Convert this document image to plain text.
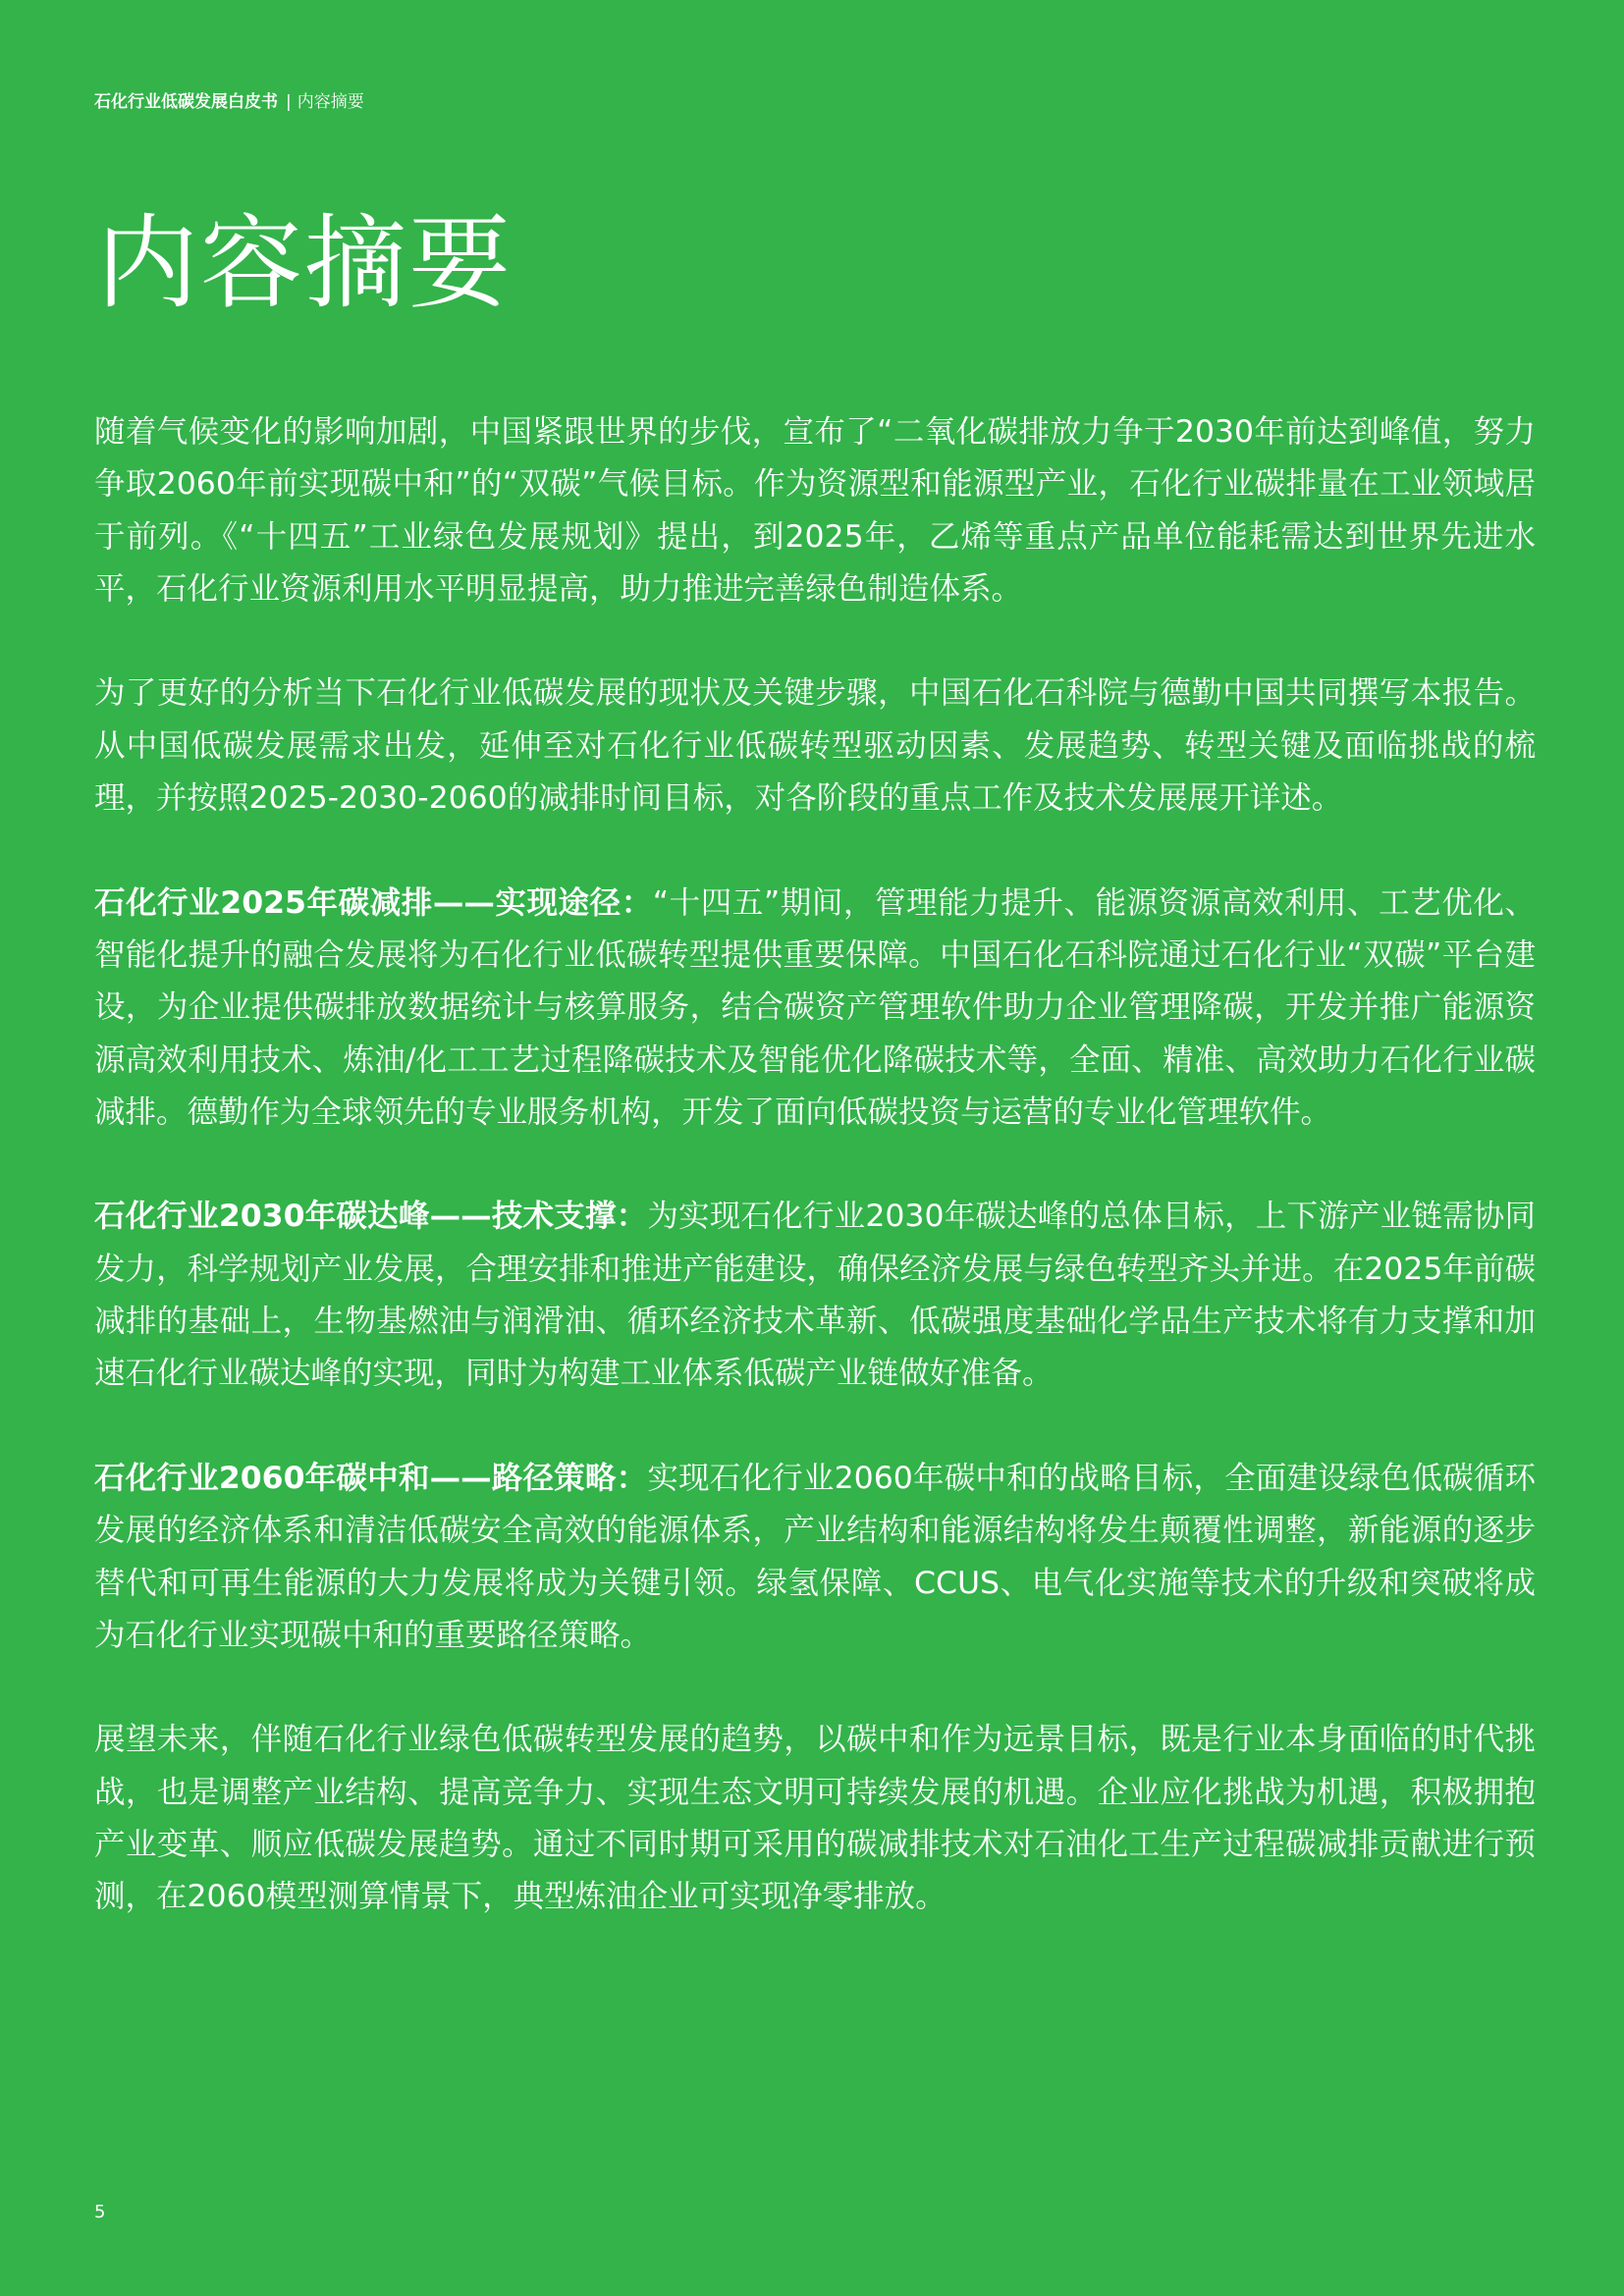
石化行业低碳发展白皮书 | 内容摘要
内容摘要

随着气候变化的影响加剧，中国紧跟世界的步伐，宣布了“二氧化碳排放力争于2030年前达到峰值，努力争取2060年前实现碳中和”的“双碳”气候目标。作为资源型和能源型产业，石化行业碳排量在工业领域居于前列。《“十四五”工业绿色发展规划》提出，到2025年，乙烯等重点产品单位能耗需达到世界先进水平，石化行业资源利用水平明显提高，助力推进完善绿色制造体系。

为了更好的分析当下石化行业低碳发展的现状及关键步骤，中国石化石科院与德勤中国共同撰写本报告。从中国低碳发展需求出发，延伸至对石化行业低碳转型驱动因素、发展趋势、转型关键及面临挑战的梳理，并按照2025-2030-2060的减排时间目标，对各阶段的重点工作及技术发展展开详述。

石化行业2025年碳减排——实现途径：“十四五”期间，管理能力提升、能源资源高效利用、工艺优化、智能化提升的融合发展将为石化行业低碳转型提供重要保障。中国石化石科院通过石化行业“双碳”平台建设，为企业提供碳排放数据统计与核算服务，结合碳资产管理软件助力企业管理降碳，开发并推广能源资源高效利用技术、炼油/化工工艺过程降碳技术及智能优化降碳技术等，全面、精准、高效助力石化行业碳减排。德勤作为全球领先的专业服务机构，开发了面向低碳投资与运营的专业化管理软件。

石化行业2030年碳达峰——技术支撑：为实现石化行业2030年碳达峰的总体目标，上下游产业链需协同发力，科学规划产业发展，合理安排和推进产能建设，确保经济发展与绿色转型齐头并进。在2025年前碳减排的基础上，生物基燃油与润滑油、循环经济技术革新、低碳强度基础化学品生产技术将有力支撑和加速石化行业碳达峰的实现，同时为构建工业体系低碳产业链做好准备。

石化行业2060年碳中和——路径策略：实现石化行业2060年碳中和的战略目标，全面建设绿色低碳循环发展的经济体系和清洁低碳安全高效的能源体系，产业结构和能源结构将发生颠覆性调整，新能源的逐步替代和可再生能源的大力发展将成为关键引领。绿氢保障、CCUS、电气化实施等技术的升级和突破将成为石化行业实现碳中和的重要路径策略。

展望未来，伴随石化行业绿色低碳转型发展的趋势，以碳中和作为远景目标，既是行业本身面临的时代挑战，也是调整产业结构、提高竞争力、实现生态文明可持续发展的机遇。企业应化挑战为机遇，积极拥抱产业变革、顺应低碳发展趋势。通过不同时期可采用的碳减排技术对石油化工生产过程碳减排贡献进行预测，在2060模型测算情景下，典型炼油企业可实现净零排放。

5
